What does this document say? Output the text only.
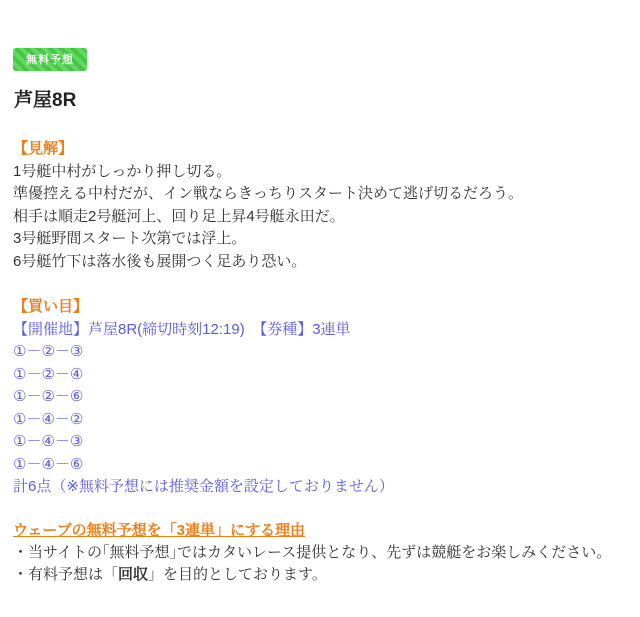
無料予想
芦屋8R
【見解】
1号艇中村がしっかり押し切る。
準優控える中村だが、イン戦ならきっちりスタート決めて逃げ切るだろう。
相手は順走2号艇河上、回り足上昇4号艇永田だ。
3号艇野間スタート次第では浮上。
6号艇竹下は落水後も展開つく足あり恐い。
【買い目】
【開催地】芦屋8R(締切時刻12:19)　【券種】3連単
①－②－③
①－②－④
①－②－⑥
①－④－②
①－④－③
①－④－⑥
計6点（※無料予想には推奨金額を設定しておりません）
ウェーブの無料予想を「3連単」にする理由
・当サイトの｢無料予想｣ではカタいレース提供となり、先ずは競艇をお楽しみください。
・有料予想は「回収」を目的としております。
